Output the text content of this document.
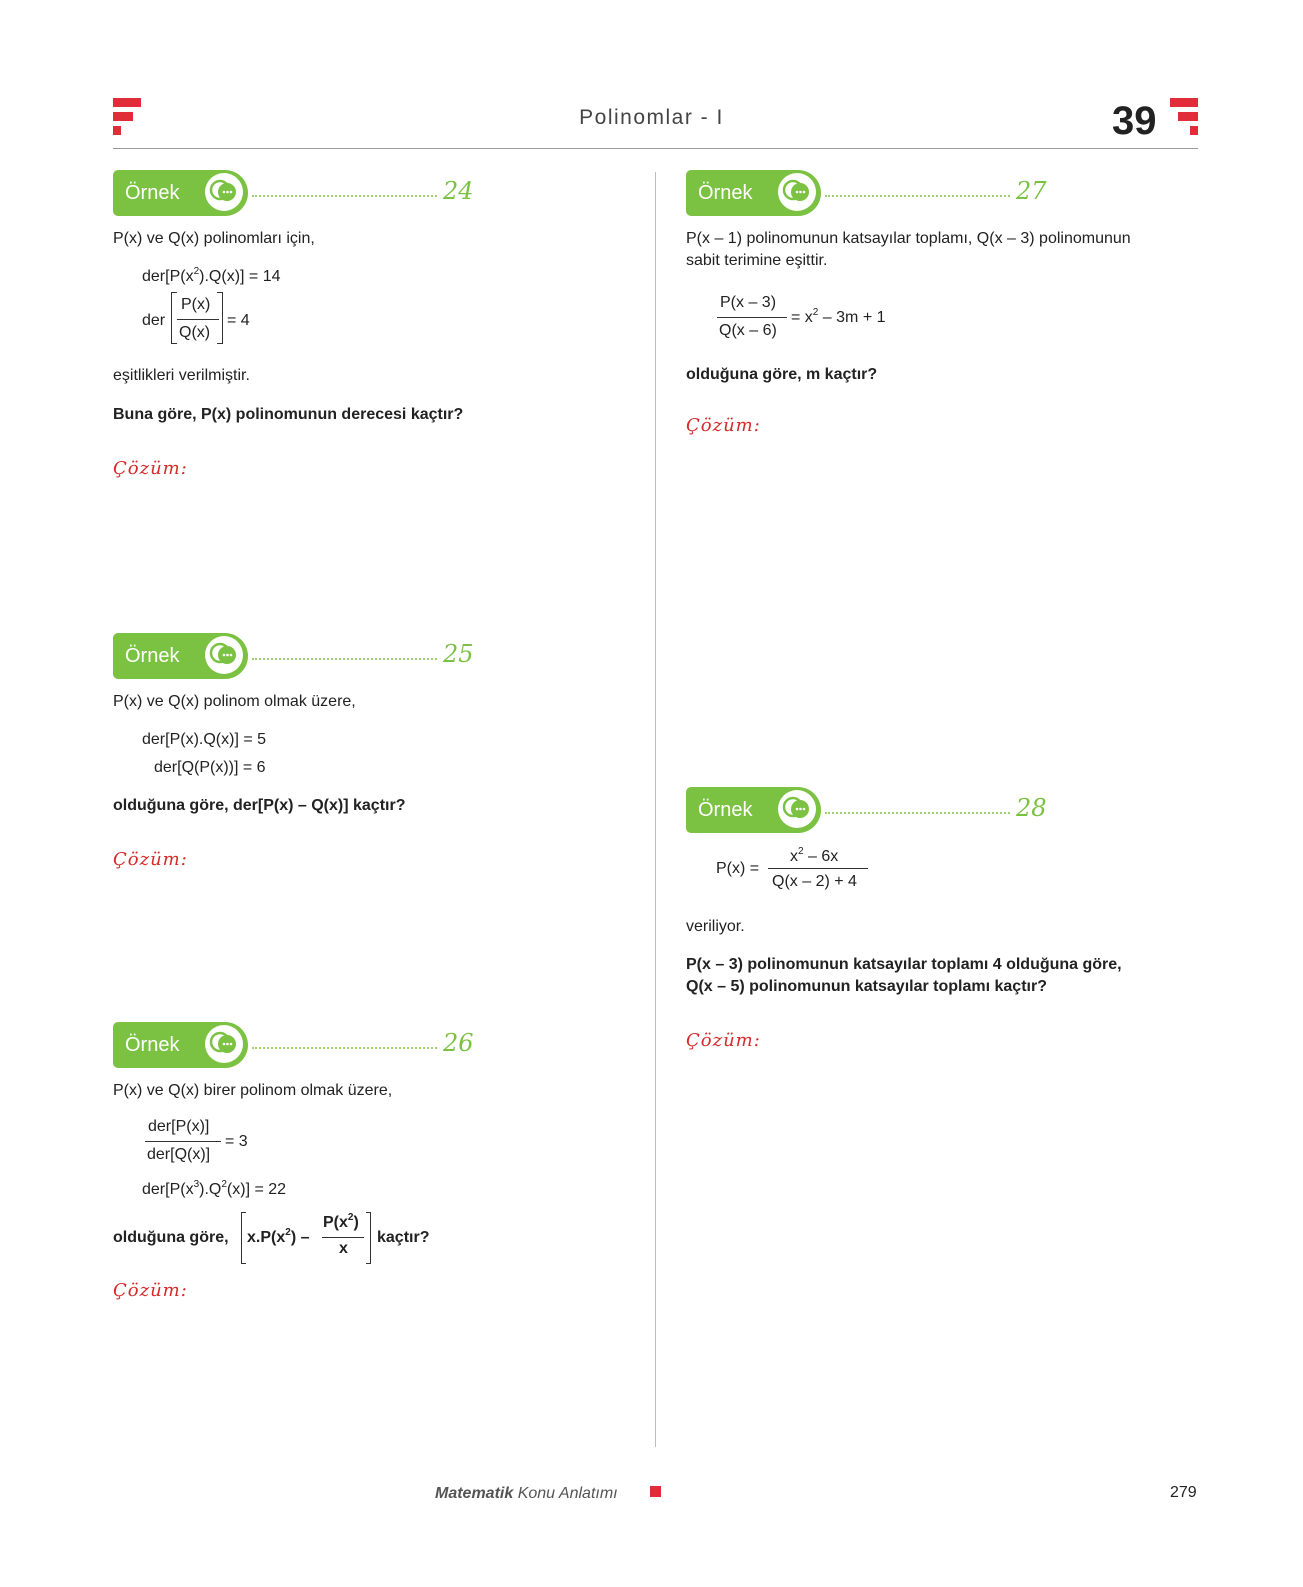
Polinomlar - I	39
Örnek	24
P(x) ve Q(x) polinomları için,
$der[P(x^2).Q(x)] = 14$
der
P(x)
Q(x)
= 4
eşitlikleri verilmiştir.
Buna göre, P(x) polinomunun derecesi kaçtır?
Çözüm:
Örnek	25
P(x) ve Q(x) polinom olmak üzere,
der[P(x).Q(x)] = 5
der[Q(P(x))] = 6
olduğuna göre, der[P(x) – Q(x)] kaçtır?
Çözüm:
Örnek	26
P(x) ve Q(x) birer polinom olmak üzere,
der[P(x)]
der[Q(x)]
= 3
$der[P(x^3).Q^2(x)] = 22$
olduğuna göre, $x.P(x^2)$ –
$P(x^2)$
x
kaçtır?
Çözüm:
Örnek	27
P(x – 1) polinomunun katsayılar toplamı, Q(x – 3) polinomunun
sabit terimine eşittir.
P(x – 3)
Q(x – 6)
= $x^2 - 3m + 1$
olduğuna göre, m kaçtır?
Çözüm:
Örnek	28
P(x) =
$x^2 - 6x$
Q(x – 2) + 4
veriliyor.
P(x – 3) polinomunun katsayılar toplamı 4 olduğuna göre,
Q(x – 5) polinomunun katsayılar toplamı kaçtır?
Çözüm:
Matematik Konu Anlatımı	279
